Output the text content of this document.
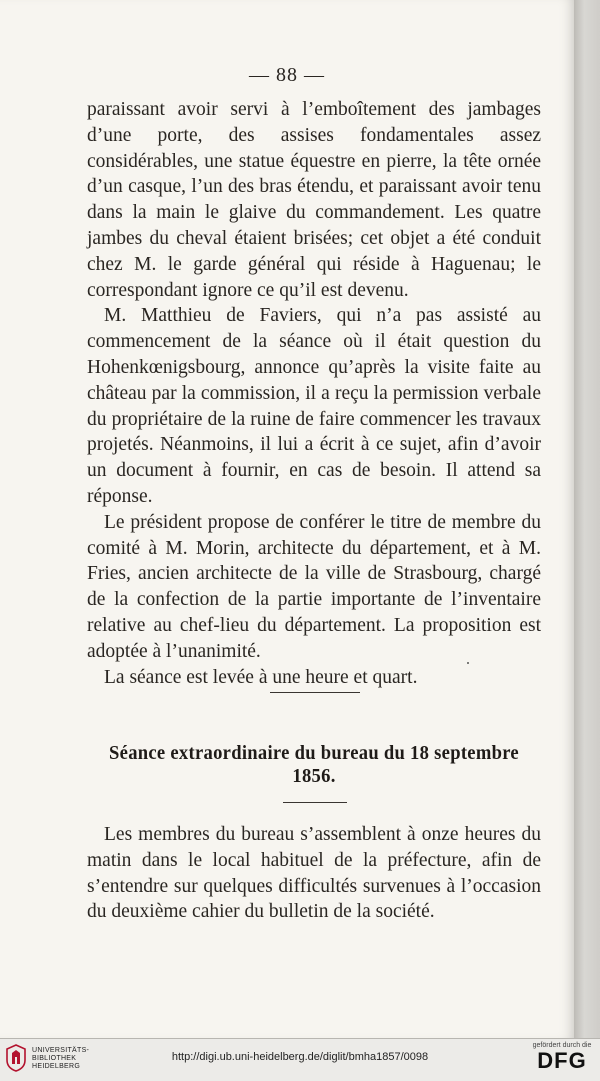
— 88 —

paraissant avoir servi à l’emboîtement des jambages d’une porte, des assises fondamentales assez considérables, une statue équestre en pierre, la tête ornée d’un casque, l’un des bras étendu, et paraissant avoir tenu dans la main le glaive du commandement. Les quatre jambes du cheval étaient brisées; cet objet a été conduit chez M. le garde général qui réside à Haguenau; le correspondant ignore ce qu’il est devenu.

M. Matthieu de Faviers, qui n’a pas assisté au commencement de la séance où il était question du Hohenkœnigsbourg, annonce qu’après la visite faite au château par la commission, il a reçu la permission verbale du propriétaire de la ruine de faire commencer les travaux projetés. Néanmoins, il lui a écrit à ce sujet, afin d’avoir un document à fournir, en cas de besoin. Il attend sa réponse.

Le président propose de conférer le titre de membre du comité à M. Morin, architecte du département, et à M. Fries, ancien architecte de la ville de Strasbourg, chargé de la confection de la partie importante de l’inventaire relative au chef-lieu du département. La proposition est adoptée à l’unanimité.

La séance est levée à une heure et quart.

Séance extraordinaire du bureau du 18 septembre 1856.

Les membres du bureau s’assemblent à onze heures du matin dans le local habituel de la préfecture, afin de s’entendre sur quelques difficultés survenues à l’occasion du deuxième cahier du bulletin de la société.

UNIVERSITÄTS-
BIBLIOTHEK
HEIDELBERG
http://digi.ub.uni-heidelberg.de/diglit/bmha1857/0098
gefördert durch die
DFG
